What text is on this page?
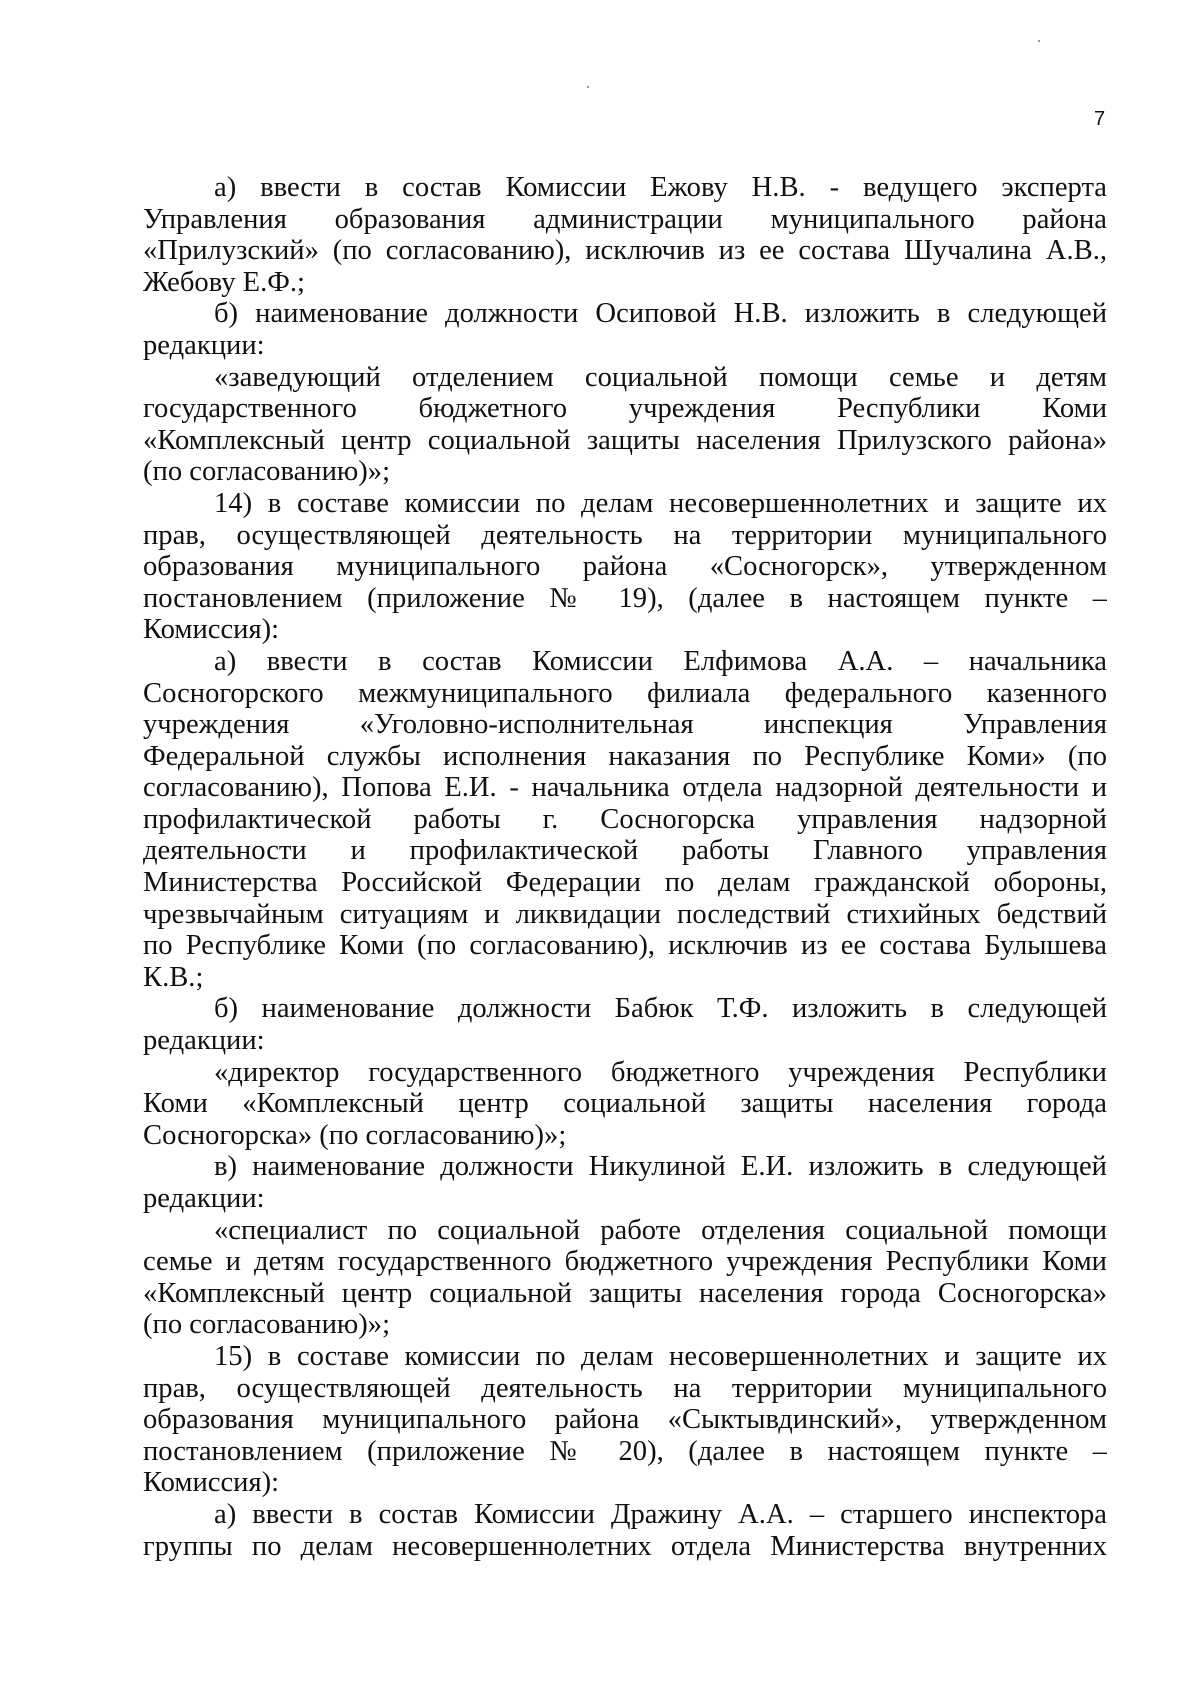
7
а) ввести в состав Комиссии Ежову Н.В. - ведущего эксперта
Управления образования администрации муниципального района
«Прилузский» (по согласованию), исключив из ее состава Шучалина А.В.,
Жебову Е.Ф.;
б) наименование должности Осиповой Н.В. изложить в следующей
редакции:
«заведующий отделением социальной помощи семье и детям
государственного бюджетного учреждения Республики Коми
«Комплексный центр социальной защиты населения Прилузского района»
(по согласованию)»;
14) в составе комиссии по делам несовершеннолетних и защите их
прав, осуществляющей деятельность на территории муниципального
образования муниципального района «Сосногорск», утвержденном
постановлением (приложение № 19), (далее в настоящем пункте –
Комиссия):
а) ввести в состав Комиссии Елфимова А.А. – начальника
Сосногорского межмуниципального филиала федерального казенного
учреждения «Уголовно-исполнительная инспекция Управления
Федеральной службы исполнения наказания по Республике Коми» (по
согласованию), Попова Е.И. - начальника отдела надзорной деятельности и
профилактической работы г. Сосногорска управления надзорной
деятельности и профилактической работы Главного управления
Министерства Российской Федерации по делам гражданской обороны,
чрезвычайным ситуациям и ликвидации последствий стихийных бедствий
по Республике Коми (по согласованию), исключив из ее состава Булышева
К.В.;
б) наименование должности Бабюк Т.Ф. изложить в следующей
редакции:
«директор государственного бюджетного учреждения Республики
Коми «Комплексный центр социальной защиты населения города
Сосногорска» (по согласованию)»;
в) наименование должности Никулиной Е.И. изложить в следующей
редакции:
«специалист по социальной работе отделения социальной помощи
семье и детям государственного бюджетного учреждения Республики Коми
«Комплексный центр социальной защиты населения города Сосногорска»
(по согласованию)»;
15) в составе комиссии по делам несовершеннолетних и защите их
прав, осуществляющей деятельность на территории муниципального
образования муниципального района «Сыктывдинский», утвержденном
постановлением (приложение № 20), (далее в настоящем пункте –
Комиссия):
а) ввести в состав Комиссии Дражину А.А. – старшего инспектора
группы по делам несовершеннолетних отдела Министерства внутренних
